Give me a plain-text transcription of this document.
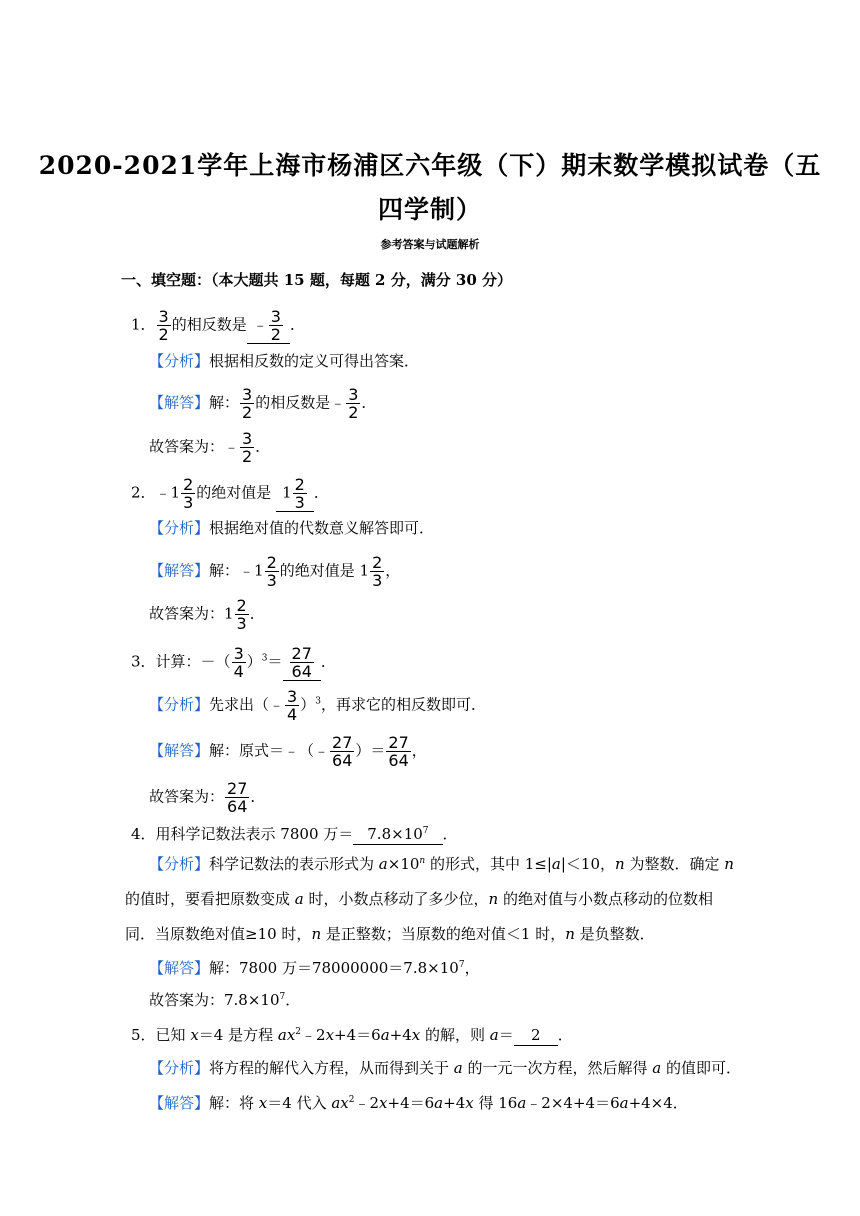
2020-2021学年上海市杨浦区六年级（下）期末数学模拟试卷（五
四学制）
参考答案与试题解析
一、填空题：（本大题共 15 题，每题 2 分，满分 30 分）
1． $\frac{3}{2}$ 的相反数是 ﹣ $\frac{3}{2}$ ．
【分析】根据相反数的定义可得出答案．
【解答】解： $\frac{3}{2}$ 的相反数是﹣ $\frac{3}{2}$ ．
故答案为：﹣ $\frac{3}{2}$ ．
2．﹣1 $\frac{2}{3}$ 的绝对值是 $1 \frac{2}{3}$ ．
【分析】根据绝对值的代数意义解答即可．
【解答】解：﹣1 $\frac{2}{3}$ 的绝对值是 $1 \frac{2}{3}$ ，
故答案为：$1 \frac{2}{3}$ ．
3．计算：－（ $\frac{3}{4} )^3= \frac{27}{64}$ ．
【分析】先求出（﹣ $\frac{3}{4} )^3$，再求它的相反数即可．
【解答】解：原式＝﹣（﹣ $\frac{27}{64}$ ）＝ $\frac{27}{64}$ ，
故答案为： $\frac{27}{64}$ ．
4．用科学记数法表示 7800 万＝ $7.8\times 10^7$ ．
【分析】科学记数法的表示形式为 $a\times 10^n$ 的形式，其中 1≤|a|＜10，n 为整数．确定 n
的值时，要看把原数变成 a 时，小数点移动了多少位，n 的绝对值与小数点移动的位数相
同．当原数绝对值≥10 时，n 是正整数；当原数的绝对值＜1 时，n 是负整数．
【解答】解：7800 万$=78000000=7.8\times 10^7$，
故答案为：$7.8\times 10^7$．
5．已知 x＝4 是方程 $ax^2﹣2x+4=6a+4x$ 的解，则 a＝ 2 ．
【分析】将方程的解代入方程，从而得到关于 a 的一元一次方程，然后解得 a 的值即可．
【解答】解：将 x＝4 代入 $ax^2﹣2x+4=6a+4x$ 得 16a﹣2×4+4＝6a+4×4．
